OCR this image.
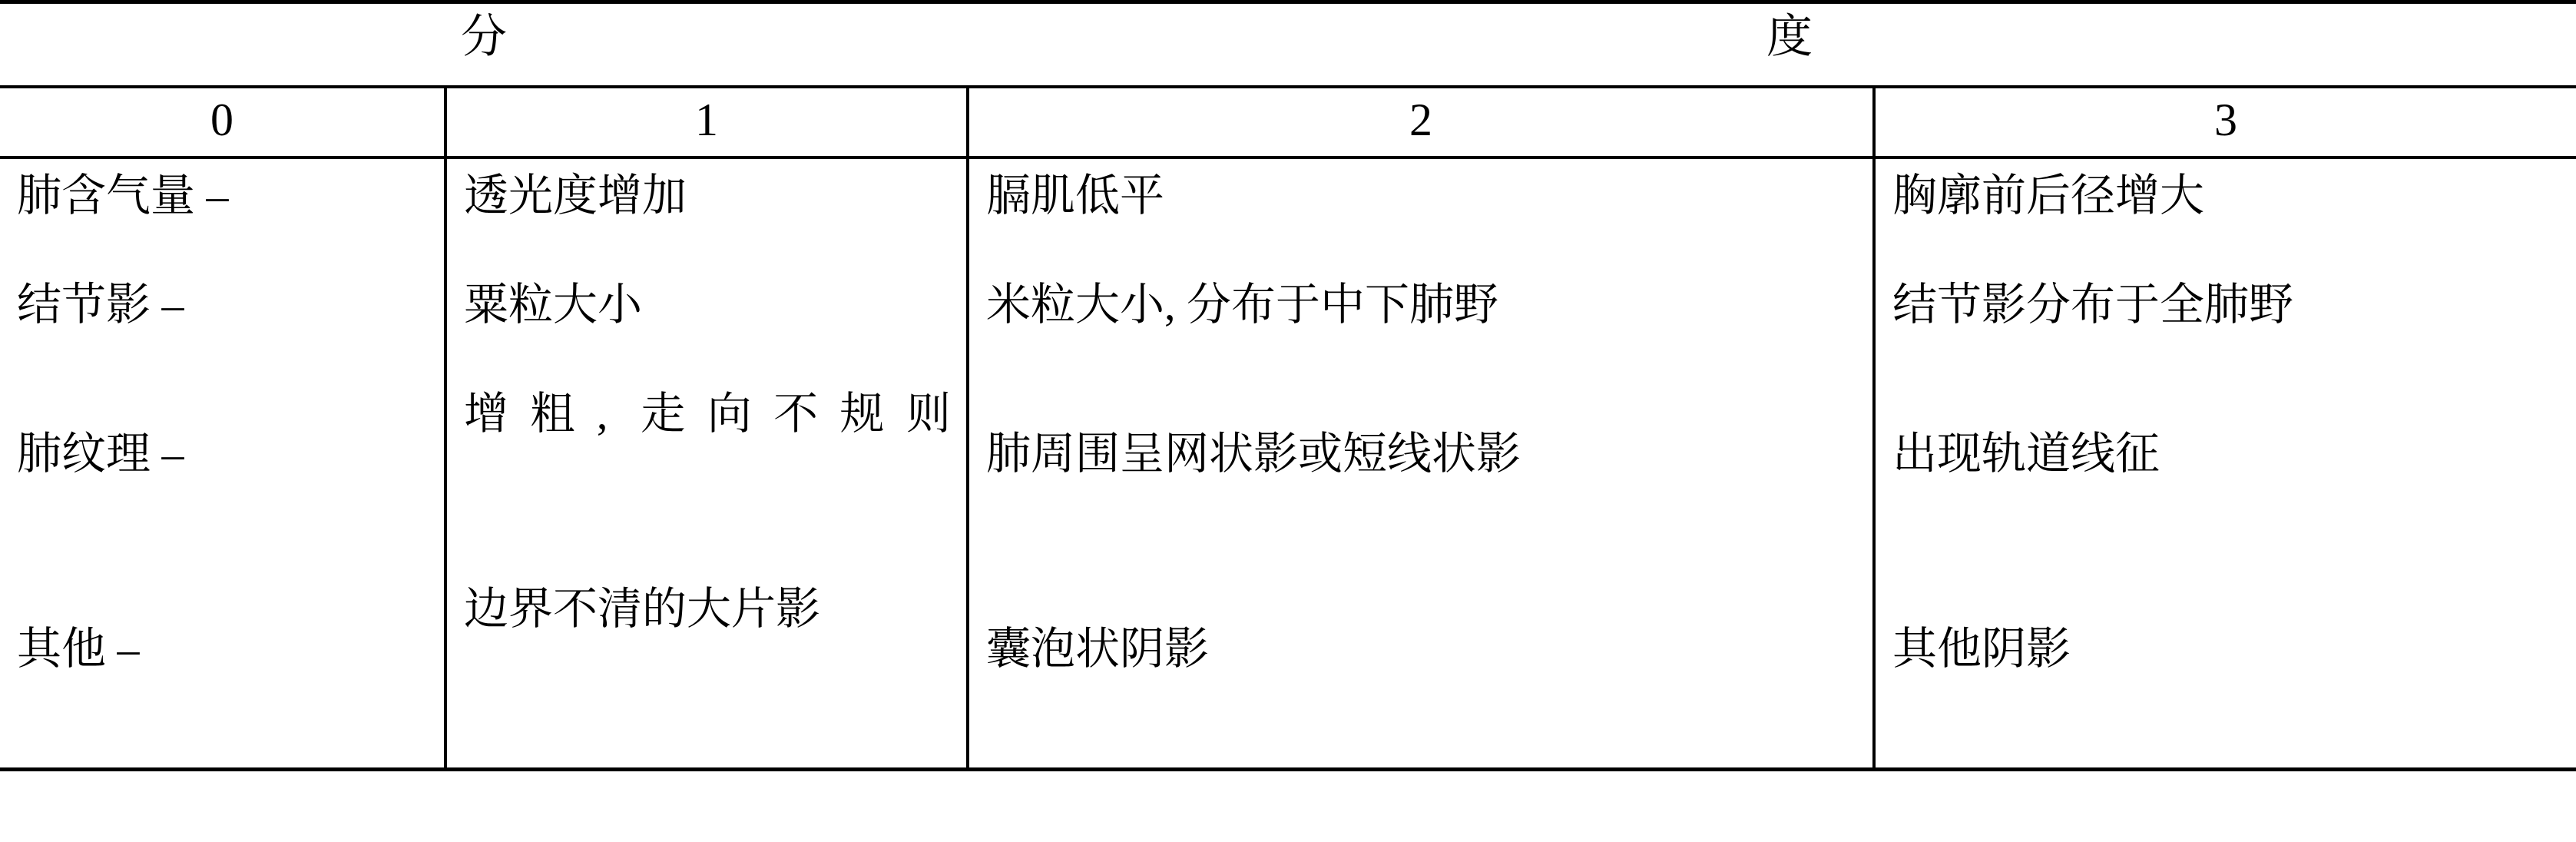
分 度			

0	1	2	3
肺含气量 –	透光度增加	膈肌低平	胸廓前后径增大
结节影 –	粟粒大小	米粒大小, 分布于中下肺野	结节影分布于全肺野

肺纹理 –	增粗, 走向不规则	肺周围呈网状影或短线状影	出现轨道线征

其他 –	边界不清的大片影	囊泡状阴影	其他阴影
